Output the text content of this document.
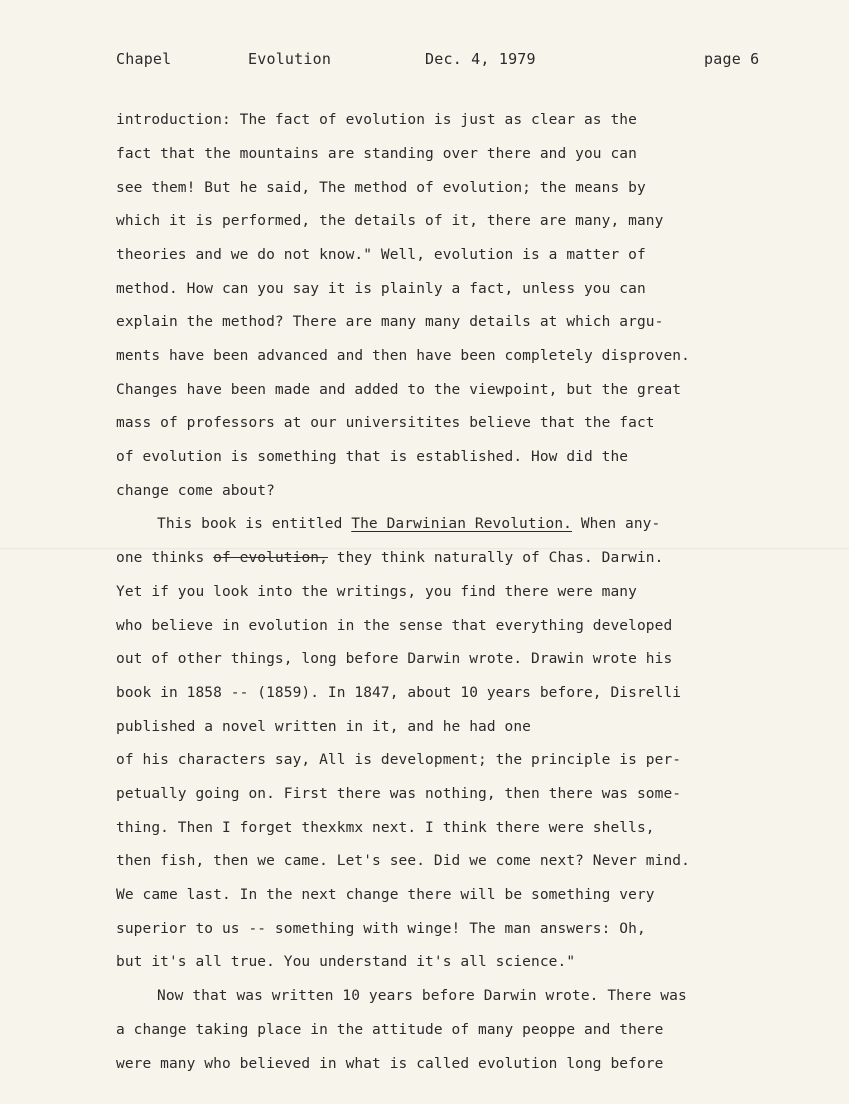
Chapel	Evolution	Dec. 4, 1979	page 6
introduction: The fact of evolution is just as clear as the
fact that the mountains are standing over there and you can
see them! But he said, The method of evolution; the means by
which it is performed, the details of it, there are many, many
theories and we do not know." Well, evolution is a matter of
method. How can you say it is plainly a fact, unless you can
explain the method? There are many many details at which argu-
ments have been advanced and then have been completely disproven.
Changes have been made and added to the viewpoint, but the great
mass of professors at our universitites believe that the fact
of evolution is something that is established. How did the
change come about?
This book is entitled The Darwinian Revolution. When any-
one thinks of evolution, they think naturally of Chas. Darwin.
Yet if you look into the writings, you find there were many
who believe in evolution in the sense that everything developed
out of other things, long before Darwin wrote. Drawin wrote his
book in 1858 -- (1859). In 1847, about 10 years before, Disrelli
published a novel written in it, and he had one
of his characters say, All is development; the principle is per-
petually going on. First there was nothing, then there was some-
thing. Then I forget thexkmx next. I think there were shells,
then fish, then we came. Let's see. Did we come next? Never mind.
We came last. In the next change there will be something very
superior to us -- something with winge! The man answers: Oh,
but it's all true. You understand it's all science."
Now that was written 10 years before Darwin wrote. There was
a change taking place in the attitude of many peoppe and there
were many who believed in what is called evolution long before
